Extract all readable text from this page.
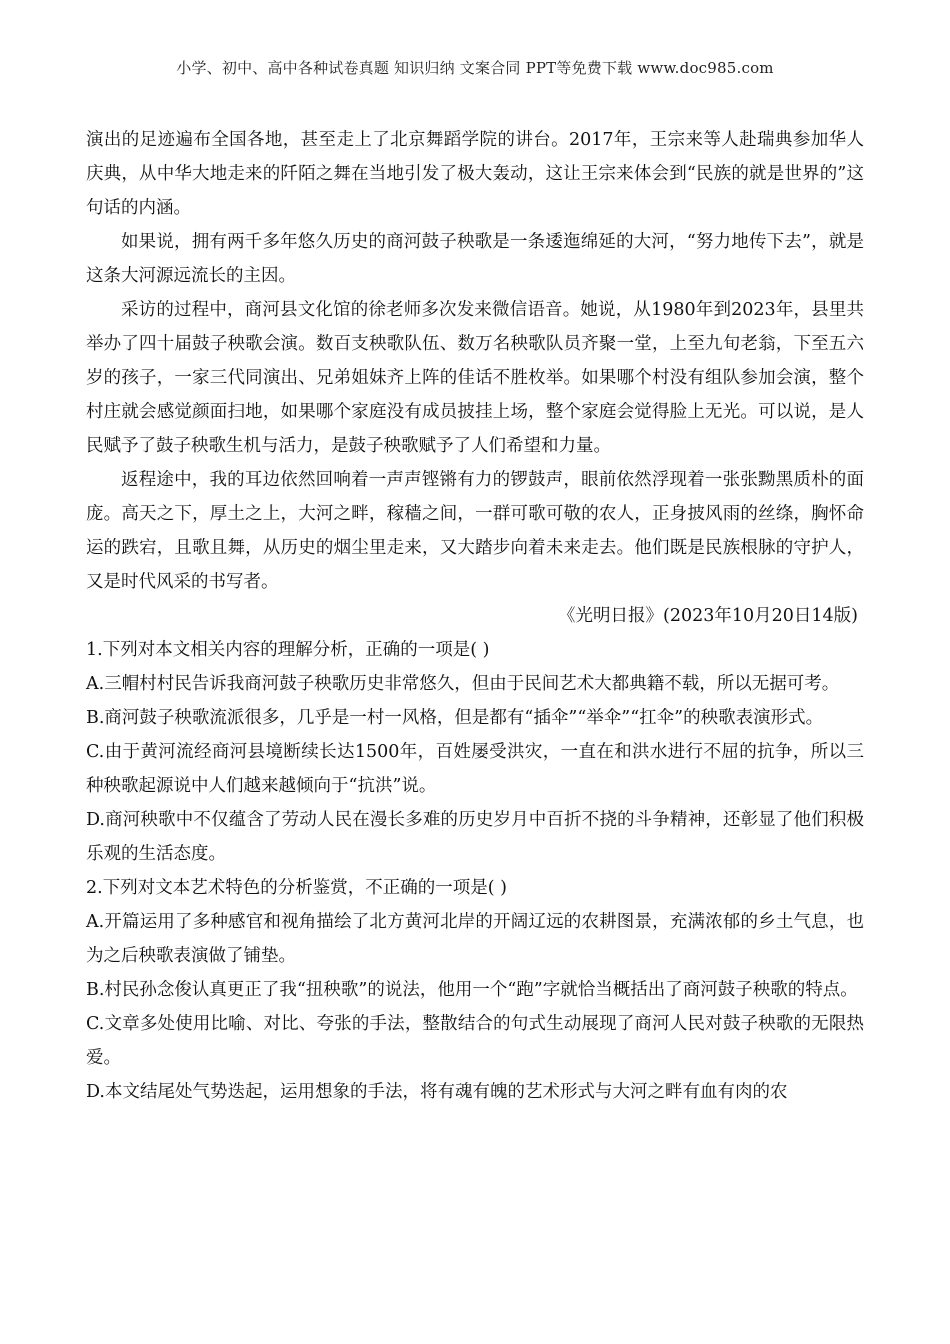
小学、初中、高中各种试卷真题 知识归纳 文案合同 PPT等免费下载 www.doc985.com

演出的足迹遍布全国各地，甚至走上了北京舞蹈学院的讲台。2017年，王宗来等人赴瑞典参加华人庆典，从中华大地走来的阡陌之舞在当地引发了极大轰动，这让王宗来体会到“民族的就是世界的”这句话的内涵。

如果说，拥有两千多年悠久历史的商河鼓子秧歌是一条逶迤绵延的大河，“努力地传下去”，就是这条大河源远流长的主因。

采访的过程中，商河县文化馆的徐老师多次发来微信语音。她说，从1980年到2023年，县里共举办了四十届鼓子秧歌会演。数百支秧歌队伍、数万名秧歌队员齐聚一堂，上至九旬老翁，下至五六岁的孩子，一家三代同演出、兄弟姐妹齐上阵的佳话不胜枚举。如果哪个村没有组队参加会演，整个村庄就会感觉颜面扫地，如果哪个家庭没有成员披挂上场，整个家庭会觉得脸上无光。可以说，是人民赋予了鼓子秧歌生机与活力，是鼓子秧歌赋予了人们希望和力量。

返程途中，我的耳边依然回响着一声声铿锵有力的锣鼓声，眼前依然浮现着一张张黝黑质朴的面庞。高天之下，厚土之上，大河之畔，稼穑之间，一群可歌可敬的农人，正身披风雨的丝绦，胸怀命运的跌宕，且歌且舞，从历史的烟尘里走来，又大踏步向着未来走去。他们既是民族根脉的守护人，又是时代风采的书写者。

《光明日报》(2023年10月20日14版)

1.下列对本文相关内容的理解分析，正确的一项是( )

A.三帽村村民告诉我商河鼓子秧歌历史非常悠久，但由于民间艺术大都典籍不载，所以无据可考。

B.商河鼓子秧歌流派很多，几乎是一村一风格，但是都有“插伞”“举伞”“扛伞”的秧歌表演形式。

C.由于黄河流经商河县境断续长达1500年，百姓屡受洪灾，一直在和洪水进行不屈的抗争，所以三种秧歌起源说中人们越来越倾向于“抗洪”说。

D.商河秧歌中不仅蕴含了劳动人民在漫长多难的历史岁月中百折不挠的斗争精神，还彰显了他们积极乐观的生活态度。

2.下列对文本艺术特色的分析鉴赏，不正确的一项是( )

A.开篇运用了多种感官和视角描绘了北方黄河北岸的开阔辽远的农耕图景，充满浓郁的乡土气息，也为之后秧歌表演做了铺垫。

B.村民孙念俊认真更正了我“扭秧歌”的说法，他用一个“跑”字就恰当概括出了商河鼓子秧歌的特点。

C.文章多处使用比喻、对比、夸张的手法，整散结合的句式生动展现了商河人民对鼓子秧歌的无限热爱。

D.本文结尾处气势迭起，运用想象的手法，将有魂有魄的艺术形式与大河之畔有血有肉的农
